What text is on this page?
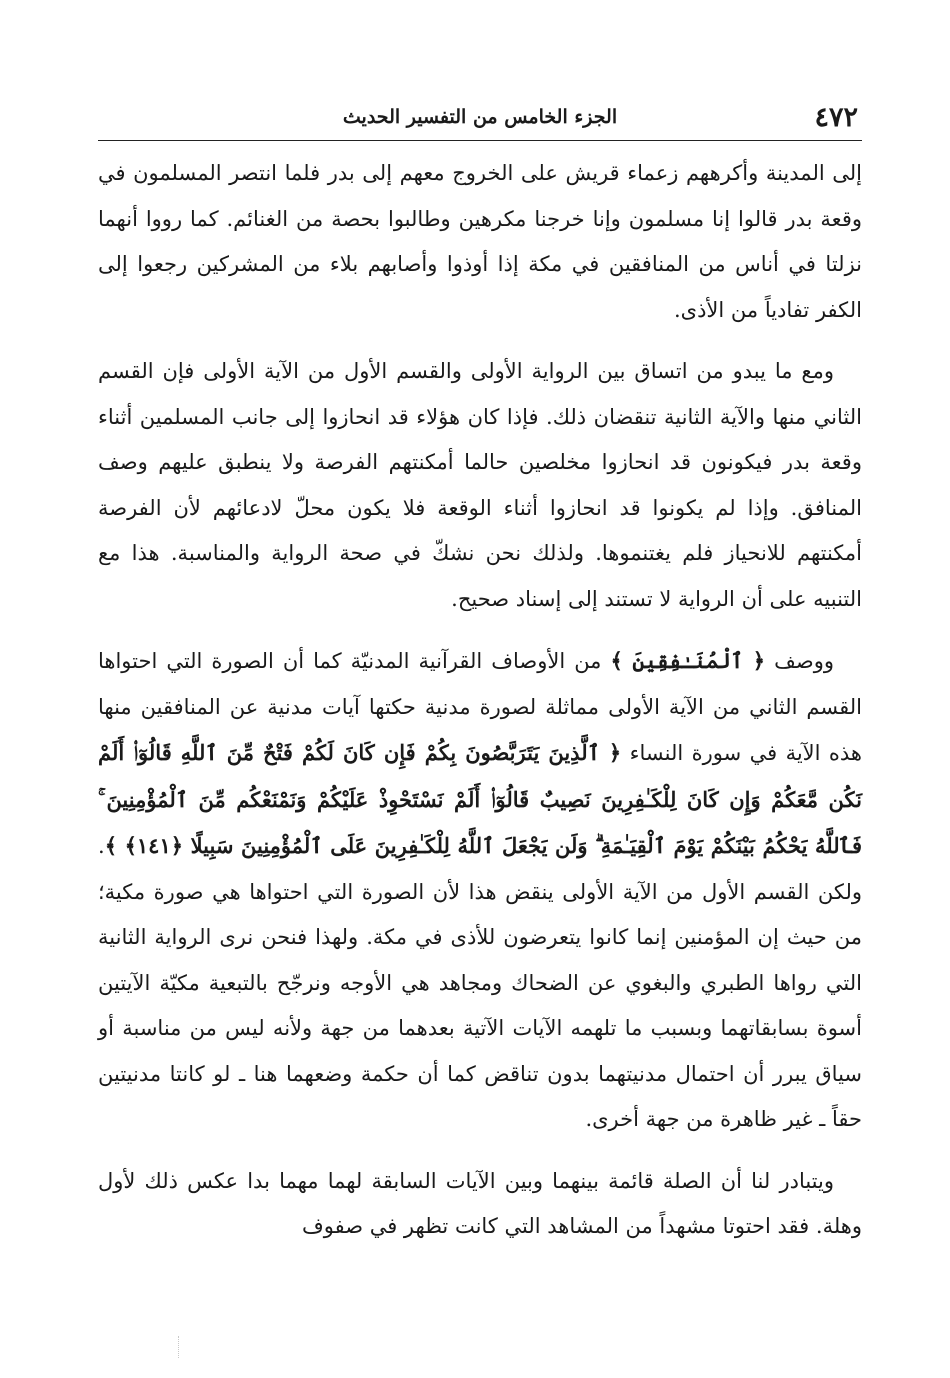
٤٧٢
الجزء الخامس من التفسير الحديث

إلى المدينة وأكرههم زعماء قريش على الخروج معهم إلى بدر فلما انتصر المسلمون في وقعة بدر قالوا إنا مسلمون وإنا خرجنا مكرهين وطالبوا بحصة من الغنائم. كما رووا أنهما نزلتا في أناس من المنافقين في مكة إذا أوذوا وأصابهم بلاء من المشركين رجعوا إلى الكفر تفادياً من الأذى.

ومع ما يبدو من اتساق بين الرواية الأولى والقسم الأول من الآية الأولى فإن القسم الثاني منها والآية الثانية تنقضان ذلك. فإذا كان هؤلاء قد انحازوا إلى جانب المسلمين أثناء وقعة بدر فيكونون قد انحازوا مخلصين حالما أمكنتهم الفرصة ولا ينطبق عليهم وصف المنافق. وإذا لم يكونوا قد انحازوا أثناء الوقعة فلا يكون محلّ لادعائهم لأن الفرصة أمكنتهم للانحياز فلم يغتنموها. ولذلك نحن نشكّ في صحة الرواية والمناسبة. هذا مع التنبيه على أن الرواية لا تستند إلى إسناد صحيح.

ووصف ﴿ ٱلْمُنَـٰفِقِينَ ﴾ من الأوصاف القرآنية المدنيّة كما أن الصورة التي احتواها القسم الثاني من الآية الأولى مماثلة لصورة مدنية حكتها آيات مدنية عن المنافقين منها هذه الآية في سورة النساء ﴿ ٱلَّذِينَ يَتَرَبَّصُونَ بِكُمْ فَإِن كَانَ لَكُمْ فَتْحٌ مِّنَ ٱللَّهِ قَالُوٓا۟ أَلَمْ نَكُن مَّعَكُمْ وَإِن كَانَ لِلْكَـٰفِرِينَ نَصِيبٌ قَالُوٓا۟ أَلَمْ نَسْتَحْوِذْ عَلَيْكُمْ وَنَمْنَعْكُم مِّنَ ٱلْمُؤْمِنِينَ ۚ فَٱللَّهُ يَحْكُمُ بَيْنَكُمْ يَوْمَ ٱلْقِيَـٰمَةِ ۗ وَلَن يَجْعَلَ ٱللَّهُ لِلْكَـٰفِرِينَ عَلَى ٱلْمُؤْمِنِينَ سَبِيلًا ﴿١٤١﴾ ﴾. ولكن القسم الأول من الآية الأولى ينقض هذا لأن الصورة التي احتواها هي صورة مكية؛ من حيث إن المؤمنين إنما كانوا يتعرضون للأذى في مكة. ولهذا فنحن نرى الرواية الثانية التي رواها الطبري والبغوي عن الضحاك ومجاهد هي الأوجه ونرجّح بالتبعية مكيّة الآيتين أسوة بسابقاتهما وبسبب ما تلهمه الآيات الآتية بعدهما من جهة ولأنه ليس من مناسبة أو سياق يبرر أن احتمال مدنيتهما بدون تناقض كما أن حكمة وضعهما هنا ـ لو كانتا مدنيتين حقاً ـ غير ظاهرة من جهة أخرى.

ويتبادر لنا أن الصلة قائمة بينهما وبين الآيات السابقة لهما مهما بدا عكس ذلك لأول وهلة. فقد احتوتا مشهداً من المشاهد التي كانت تظهر في صفوف
